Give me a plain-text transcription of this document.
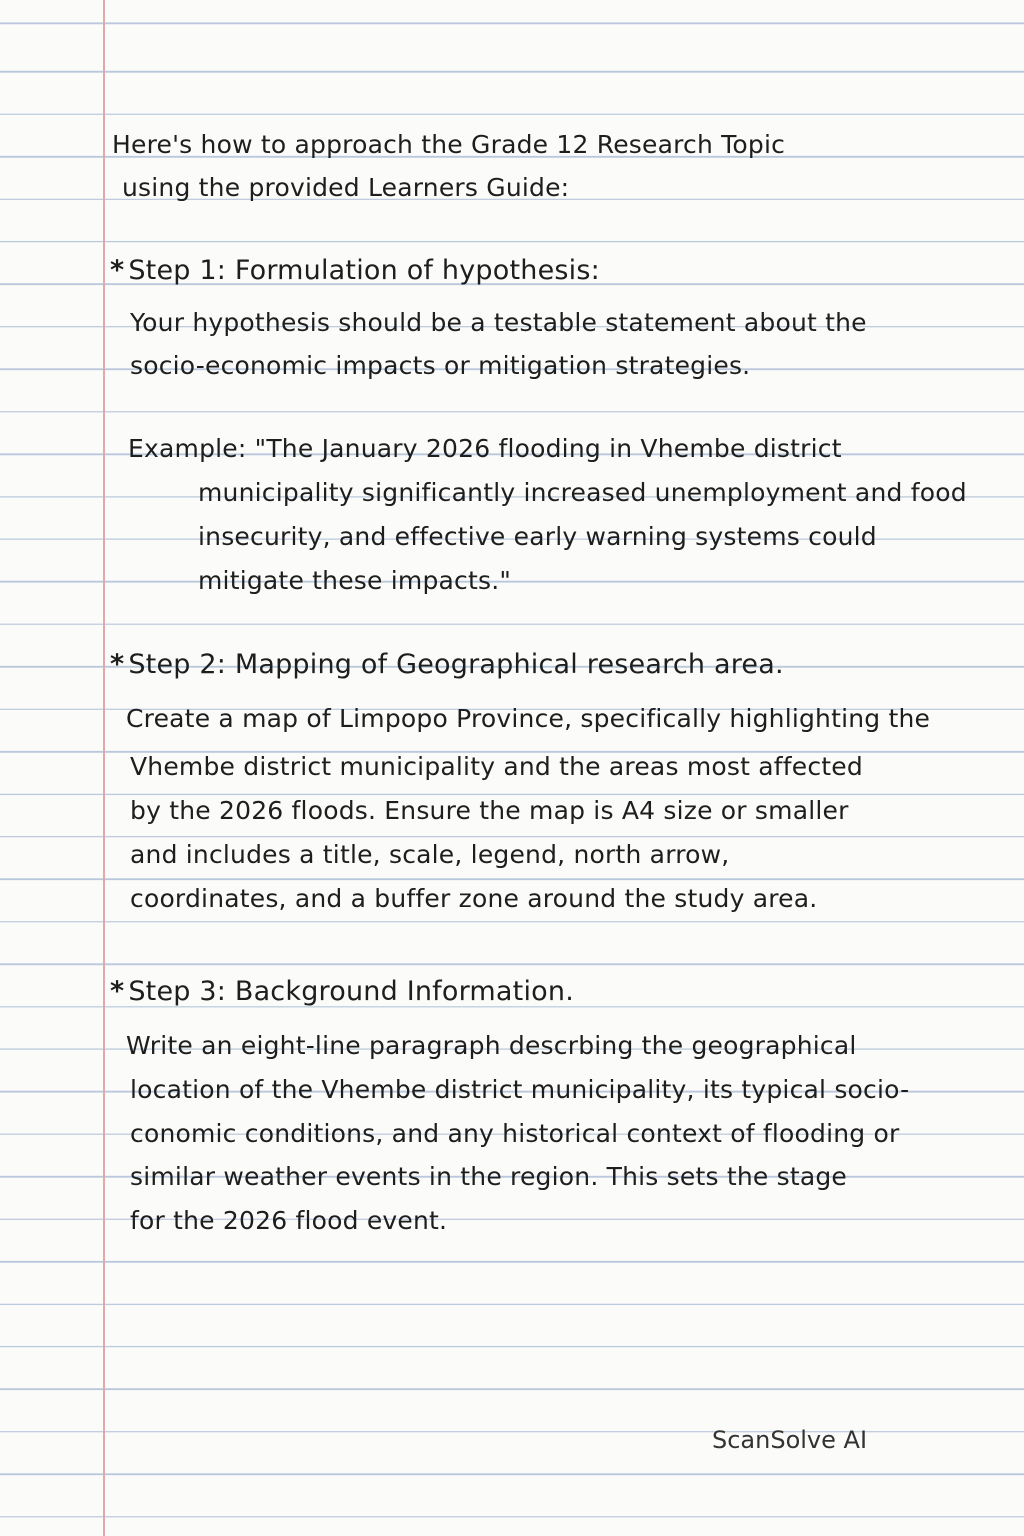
Here's how to approach the Grade 12 Research Topic

using the provided Learners Guide:

* Step 1: Formulation of hypothesis:

Your hypothesis should be a testable statement about the

socio-economic impacts or mitigation strategies.

Example: "The January 2026 flooding in Vhembe district

municipality significantly increased unemployment and food

insecurity, and effective early warning systems could

mitigate these impacts."

* Step 2: Mapping of Geographical research area.

Create a map of Limpopo Province, specifically highlighting the

Vhembe district municipality and the areas most affected

by the 2026 floods. Ensure the map is A4 size or smaller

and includes a title, scale, legend, north arrow,

coordinates, and a buffer zone around the study area.

* Step 3: Background Information.

Write an eight-line paragraph descrbing the geographical

location of the Vhembe district municipality, its typical socio-

conomic conditions, and any historical context of flooding or

similar weather events in the region. This sets the stage

for the 2026 flood event.

ScanSolve AI
